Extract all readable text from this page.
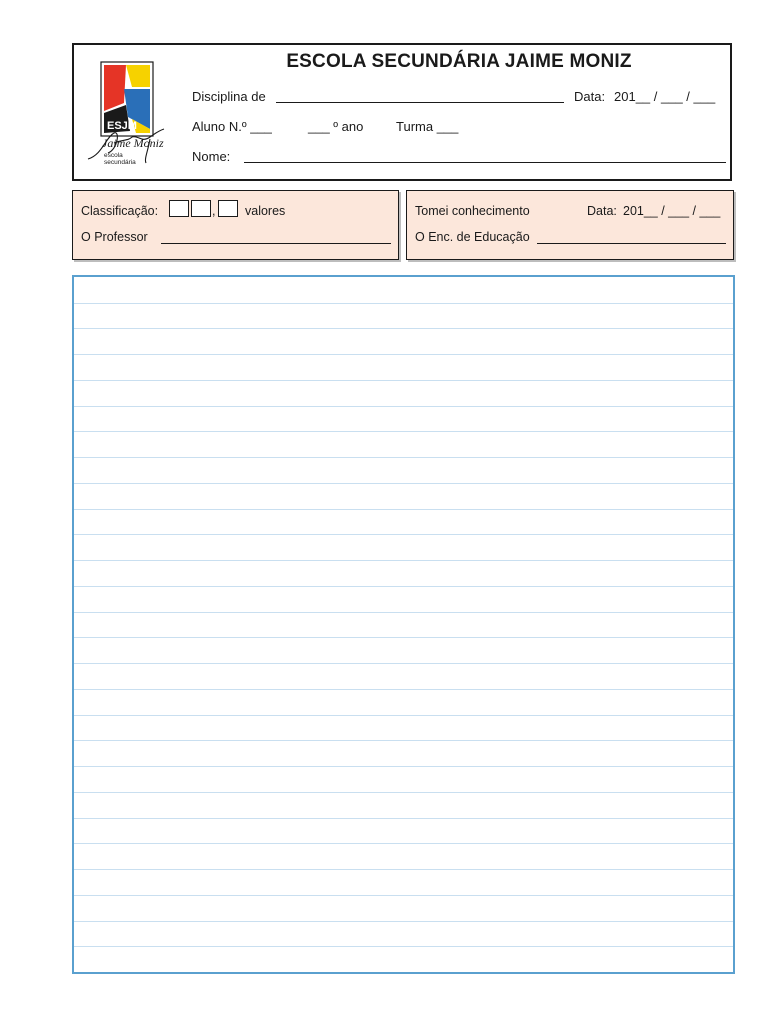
ESJM
Jaime Moniz
escola
secundária
ESCOLA SECUNDÁRIA JAIME MONIZ
Disciplina de	Data: 201__ / ___ / ___
Aluno N.º ___	___ º ano	Turma ___
Nome:
Classificação:	, valores
O Professor
Tomei conhecimento	Data: 201__ / ___ / ___
O Enc. de Educação
